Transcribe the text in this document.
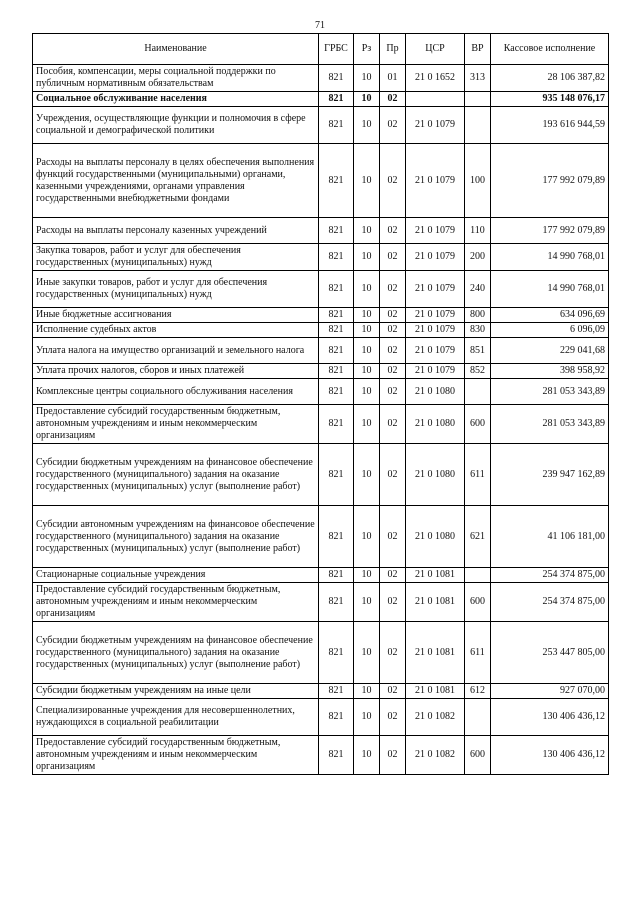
71
Наименование	ГРБС	Рз	Пр	ЦСР	ВР	Кассовое исполнение
Пособия, компенсации, меры социальной поддержки по публичным нормативным обязательствам	821	10	01	21 0 1652	313	28 106 387,82
Социальное обслуживание населения	821	10	02			935 148 076,17
Учреждения, осуществляющие функции и полномочия в сфере социальной и демографической политики	821	10	02	21 0 1079		193 616 944,59
Расходы на выплаты персоналу в целях обеспечения выполнения функций государственными (муниципальными) органами, казенными учреждениями, органами управления государственными внебюджетными фондами	821	10	02	21 0 1079	100	177 992 079,89
Расходы на выплаты персоналу казенных учреждений	821	10	02	21 0 1079	110	177 992 079,89
Закупка товаров, работ и услуг для обеспечения государственных (муниципальных) нужд	821	10	02	21 0 1079	200	14 990 768,01
Иные закупки товаров, работ и услуг для обеспечения государственных (муниципальных) нужд	821	10	02	21 0 1079	240	14 990 768,01
Иные бюджетные ассигнования	821	10	02	21 0 1079	800	634 096,69
Исполнение судебных актов	821	10	02	21 0 1079	830	6 096,09
Уплата налога на имущество организаций и земельного налога	821	10	02	21 0 1079	851	229 041,68
Уплата прочих налогов, сборов и иных платежей	821	10	02	21 0 1079	852	398 958,92
Комплексные центры социального обслуживания населения	821	10	02	21 0 1080		281 053 343,89
Предоставление субсидий государственным бюджетным, автономным учреждениям и иным некоммерческим организациям	821	10	02	21 0 1080	600	281 053 343,89
Субсидии бюджетным учреждениям на финансовое обеспечение государственного (муниципального) задания на оказание государственных (муниципальных) услуг (выполнение работ)	821	10	02	21 0 1080	611	239 947 162,89
Субсидии автономным учреждениям на финансовое обеспечение государственного (муниципального) задания на оказание государственных (муниципальных) услуг (выполнение работ)	821	10	02	21 0 1080	621	41 106 181,00
Стационарные социальные учреждения	821	10	02	21 0 1081		254 374 875,00
Предоставление субсидий государственным бюджетным, автономным учреждениям и иным некоммерческим организациям	821	10	02	21 0 1081	600	254 374 875,00
Субсидии бюджетным учреждениям на финансовое обеспечение государственного (муниципального) задания на оказание государственных (муниципальных) услуг (выполнение работ)	821	10	02	21 0 1081	611	253 447 805,00
Субсидии бюджетным учреждениям на иные цели	821	10	02	21 0 1081	612	927 070,00
Специализированные учреждения для несовершеннолетних, нуждающихся в социальной реабилитации	821	10	02	21 0 1082		130 406 436,12
Предоставление субсидий государственным бюджетным, автономным учреждениям и иным некоммерческим организациям	821	10	02	21 0 1082	600	130 406 436,12
